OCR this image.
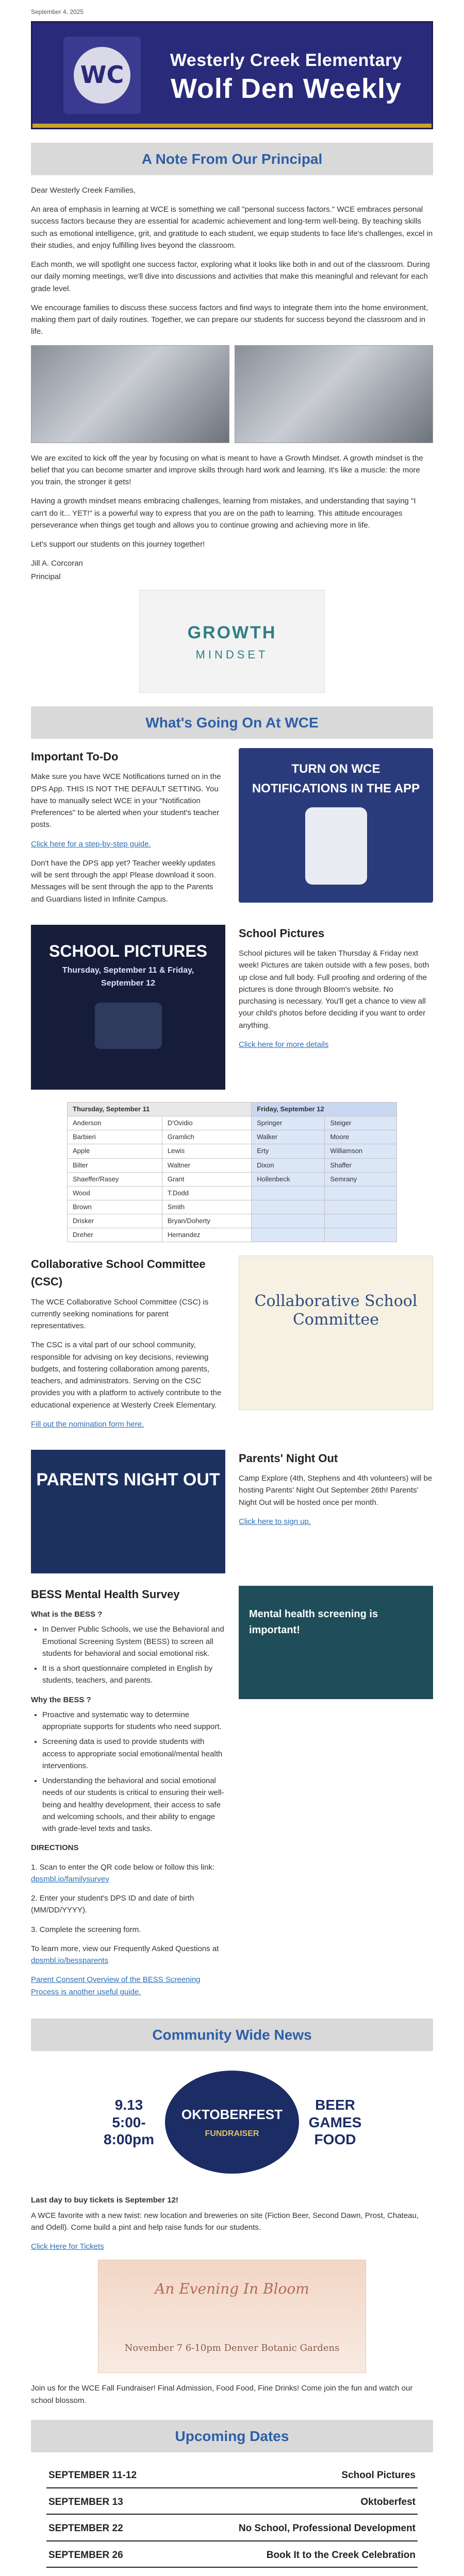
September 4, 2025
WC
Westerly Creek Elementary
Wolf Den Weekly
A Note From Our Principal

Dear Westerly Creek Families,

An area of emphasis in learning at WCE is something we call "personal success factors." WCE embraces personal success factors because they are essential for academic achievement and long-term well-being. By teaching skills such as emotional intelligence, grit, and gratitude to each student, we equip students to face life's challenges, excel in their studies, and enjoy fulfilling lives beyond the classroom.

Each month, we will spotlight one success factor, exploring what it looks like both in and out of the classroom. During our daily morning meetings, we'll dive into discussions and activities that make this meaningful and relevant for each grade level.

We encourage families to discuss these success factors and find ways to integrate them into the home environment, making them part of daily routines. Together, we can prepare our students for success beyond the classroom and in life.

We are excited to kick off the year by focusing on what is meant to have a Growth Mindset. A growth mindset is the belief that you can become smarter and improve skills through hard work and learning. It's like a muscle: the more you train, the stronger it gets!

Having a growth mindset means embracing challenges, learning from mistakes, and understanding that saying "I can't do it... YET!" is a powerful way to express that you are on the path to learning. This attitude encourages perseverance when things get tough and allows you to continue growing and achieving more in life.

Let's support our students on this journey together!

Jill A. Corcoran

Principal

GROWTH
MINDSET
What's Going On At WCE
Important To-Do

Make sure you have WCE Notifications turned on in the DPS App. THIS IS NOT THE DEFAULT SETTING. You have to manually select WCE in your "Notification Preferences" to be alerted when your student's teacher posts.

Click here for a step-by-step guide.

Don't have the DPS app yet? Teacher weekly updates will be sent through the app! Please download it soon. Messages will be sent through the app to the Parents and Guardians listed in Infinite Campus.

TURN ON WCE NOTIFICATIONS IN THE APP
SCHOOL PICTURES
Thursday, September 11 & Friday, September 12
School Pictures

School pictures will be taken Thursday & Friday next week! Pictures are taken outside with a few poses, both up close and full body. Full proofing and ordering of the pictures is done through Bloom's website. No purchasing is necessary. You'll get a chance to view all your child's photos before deciding if you want to order anything.

Click here for more details

Thursday, September 11		Friday, September 12	
Anderson	D'Ovidio	Springer	Steiger
Barbieri	Gramlich	Walker	Moore
Apple	Lewis	Erty	Williamson
Bilter	Waltner	Dixon	Shaffer
Shaeffer/Rasey	Grant	Hollenbeck	Semrany
Wood	T.Dodd		
Brown	Smith		
Drisker	Bryan/Doherty		
Dreher	Hernandez		
Collaborative School Committee (CSC)

The WCE Collaborative School Committee (CSC) is currently seeking nominations for parent representatives.

The CSC is a vital part of our school community, responsible for advising on key decisions, reviewing budgets, and fostering collaboration among parents, teachers, and administrators. Serving on the CSC provides you with a platform to actively contribute to the educational experience at Westerly Creek Elementary.

Fill out the nomination form here.

Collaborative School Committee
PARENTS NIGHT OUT
Parents' Night Out

Camp Explore (4th, Stephens and 4th volunteers) will be hosting Parents' Night Out September 26th! Parents' Night Out will be hosted once per month.

Click here to sign up.

BESS Mental Health Survey

What is the BESS ?

• In Denver Public Schools, we use the Behavioral and Emotional Screening System (BESS) to screen all students for behavioral and social emotional risk.
• It is a short questionnaire completed in English by students, teachers, and parents.

Why the BESS ?

• Proactive and systematic way to determine appropriate supports for students who need support.
• Screening data is used to provide students with access to appropriate social emotional/mental health interventions.
• Understanding the behavioral and social emotional needs of our students is critical to ensuring their well-being and healthy development, their access to safe and welcoming schools, and their ability to engage with grade-level texts and tasks.

DIRECTIONS

1. Scan to enter the QR code below or follow this link: dpsmbl.io/familysurvey

2. Enter your student's DPS ID and date of birth (MM/DD/YYYY).

3. Complete the screening form.

To learn more, view our Frequently Asked Questions at dpsmbl.io/bessparents

Parent Consent Overview of the BESS Screening Process is another useful guide.

Mental health screening is important!
Community Wide News
9.13 5:00-8:00pm
OKTOBERFEST
FUNDRAISER
BEER GAMES FOOD

Last day to buy tickets is September 12!

A WCE favorite with a new twist: new location and breweries on site (Fiction Beer, Second Dawn, Prost, Chateau, and Odell). Come build a pint and help raise funds for our students.

Click Here for Tickets

An Evening In Bloom
November 7 6-10pm Denver Botanic Gardens

Join us for the WCE Fall Fundraiser! Final Admission, Food Food, Fine Drinks! Come join the fun and watch our school blossom.

Upcoming Dates
SEPTEMBER 11-12	School Pictures
SEPTEMBER 13	Oktoberfest
SEPTEMBER 22	No School, Professional Development
SEPTEMBER 26	Book It to the Creek Celebration
